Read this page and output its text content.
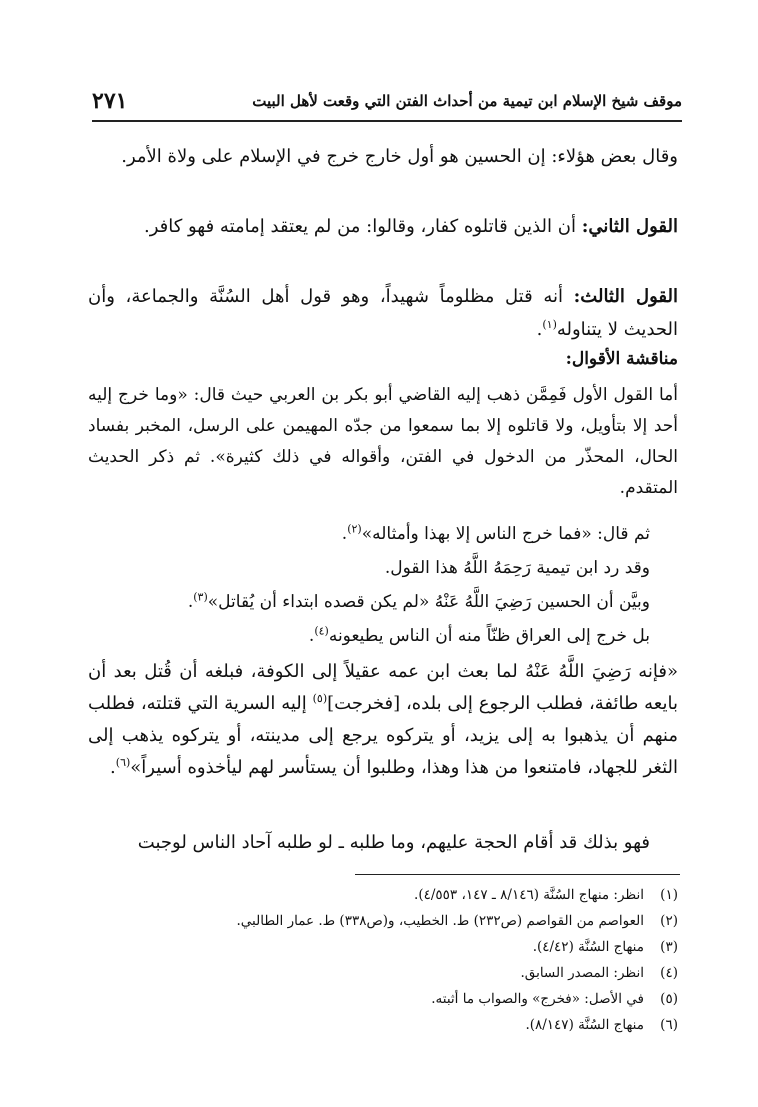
٢٧١	موقف شيخ الإسلام ابن تيمية من أحداث الفتن التي وقعت لأهل البيت
وقال بعض هؤلاء: إن الحسين هو أول خارج خرج في الإسلام على ولاة الأمر.
القول الثاني: أن الذين قاتلوه كفار، وقالوا: من لم يعتقد إمامته فهو كافر.
القول الثالث: أنه قتل مظلوماً شهيداً، وهو قول أهل السُنَّة والجماعة، وأن الحديث لا يتناوله$^{(١)}$.
مناقشة الأقوال:
أما القول الأول فَمِمَّن ذهب إليه القاضي أبو بكر بن العربي حيث قال: «وما خرج إليه أحد إلا بتأويل، ولا قاتلوه إلا بما سمعوا من جدّه المهيمن على الرسل، المخبر بفساد الحال، المحذّر من الدخول في الفتن، وأقواله في ذلك كثيرة». ثم ذكر الحديث المتقدم.
ثم قال: «فما خرج الناس إلا بهذا وأمثاله»$^{(٢)}$.
وقد رد ابن تيمية رَحِمَهُ اللَّهُ هذا القول.
وبيَّن أن الحسين رَضِيَ اللَّهُ عَنْهُ «لم يكن قصده ابتداء أن يُقاتل»$^{(٣)}$.
بل خرج إلى العراق ظنّاً منه أن الناس يطيعونه$^{(٤)}$.
«فإنه رَضِيَ اللَّهُ عَنْهُ لما بعث ابن عمه عقيلاً إلى الكوفة، فبلغه أن قُتل بعد أن بايعه طائفة، فطلب الرجوع إلى بلده، [فخرجت]$^{(٥)}$ إليه السرية التي قتلته، فطلب منهم أن يذهبوا به إلى يزيد، أو يتركوه يرجع إلى مدينته، أو يتركوه يذهب إلى الثغر للجهاد، فامتنعوا من هذا وهذا، وطلبوا أن يستأسر لهم ليأخذوه أسيراً»$^{(٦)}$.
فهو بذلك قد أقام الحجة عليهم، وما طلبه ـ لو طلبه آحاد الناس لوجبت
(١)انظر: منهاج السُنَّة (٨/١٤٦ ـ ١٤٧، ٤/٥٥٣).
(٢)العواصم من القواصم (ص٢٣٢) ط. الخطيب، و(ص٣٣٨) ط. عمار الطالبي.
(٣)منهاج السُنَّة (٤/٤٢).
(٤)انظر: المصدر السابق.
(٥)في الأصل: «فخرج» والصواب ما أثبته.
(٦)منهاج السُنَّة (٨/١٤٧).
